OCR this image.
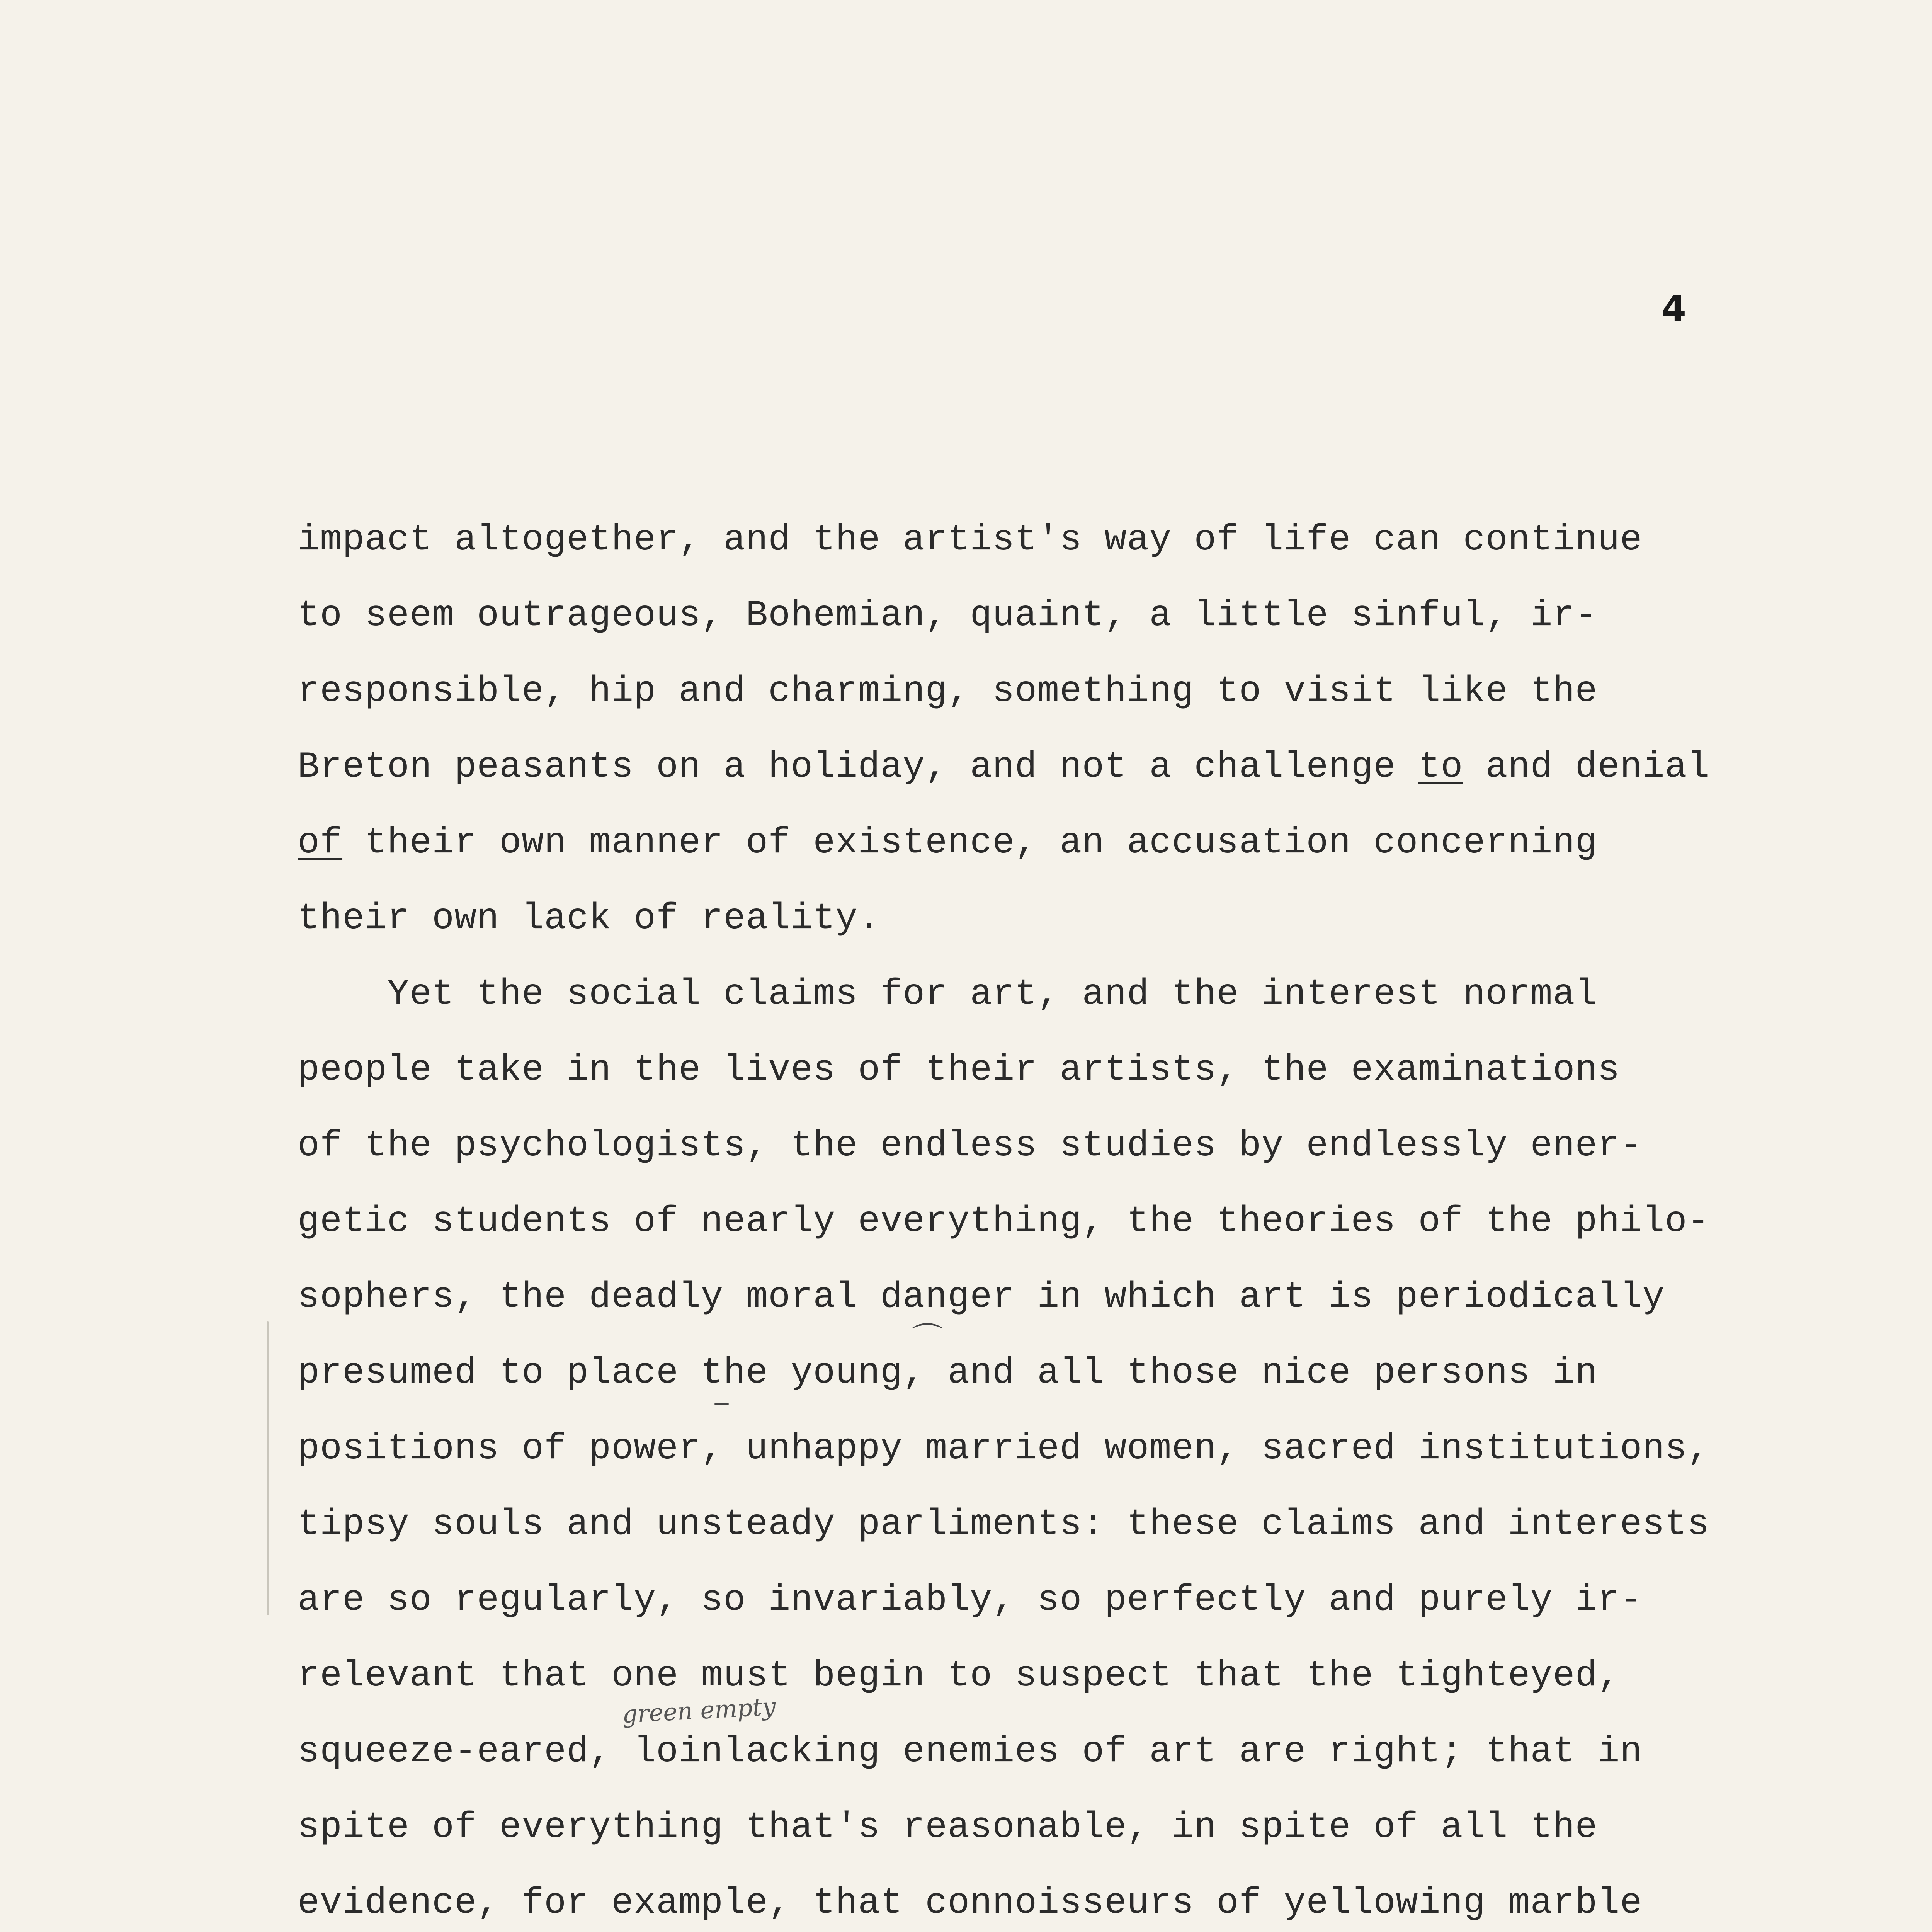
4
⌒
‾
green empty
impact altogether, and the artist's way of life can continue
to seem outrageous, Bohemian, quaint, a little sinful, ir-
responsible, hip and charming, something to visit like the
Breton peasants on a holiday, and not a challenge to and denial
of their own manner of existence, an accusation concerning
their own lack of reality.
Yet the social claims for art, and the interest normal
people take in the lives of their artists, the examinations
of the psychologists, the endless studies by endlessly ener-
getic students of nearly everything, the theories of the philo-
sophers, the deadly moral danger in which art is periodically
presumed to place the young, and all those nice persons in
positions of power, unhappy married women, sacred institutions,
tipsy souls and unsteady parliments: these claims and interests
are so regularly, so invariably, so perfectly and purely ir-
relevant that one must begin to suspect that the tighteyed,
squeeze-eared, loinlacking enemies of art are right; that in
spite of everything that's reasonable, in spite of all the
evidence, for example, that connoisseurs of yellowing marble
